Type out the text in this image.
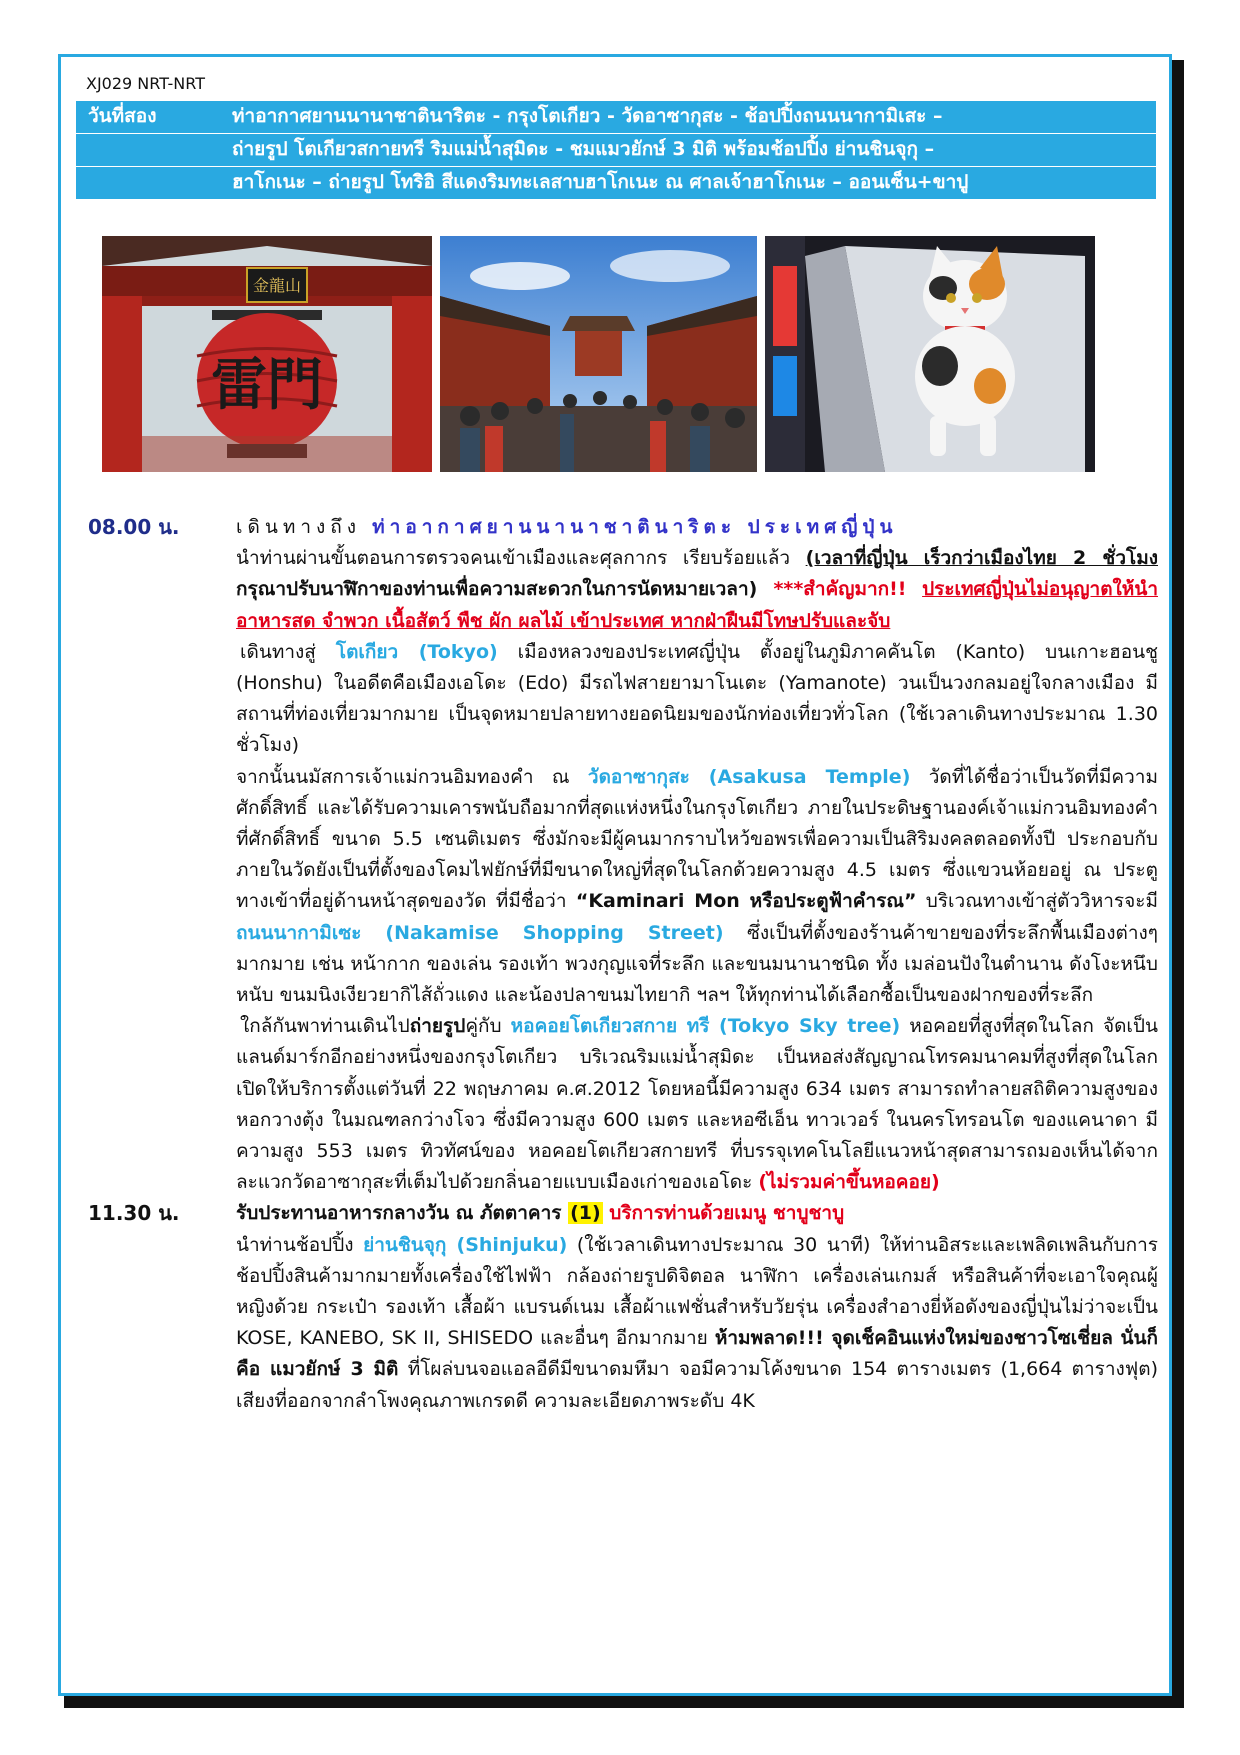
XJ029 NRT-NRT
วันที่สอง	ท่าอากาศยานนานาชาตินาริตะ - กรุงโตเกียว - วัดอาซากุสะ - ช้อปปิ้งถนนนากามิเสะ –
ถ่ายรูป โตเกียวสกายทรี ริมแม่น้ำสุมิดะ - ชมแมวยักษ์ 3 มิติ พร้อมช้อปปิ้ง ย่านชินจุกุ –
ฮาโกเนะ – ถ่ายรูป โทริอิ สีแดงริมทะเลสาบฮาโกเนะ ณ ศาลเจ้าฮาโกเนะ – ออนเซ็น+ขาปู
金龍山
雷門
08.00 น.	เดินทางถึง ท่าอากาศยานนานาชาตินาริตะ ประเทศญี่ปุ่น

นำท่านผ่านขั้นตอนการตรวจคนเข้าเมืองและศุลกากร เรียบร้อยแล้ว (เวลาที่ญี่ปุ่น เร็วกว่าเมืองไทย 2 ชั่วโมง กรุณาปรับนาฬิกาของท่านเพื่อความสะดวกในการนัดหมายเวลา) ***สำคัญมาก!! ประเทศญี่ปุ่นไม่อนุญาตให้นำอาหารสด จำพวก เนื้อสัตว์ พืช ผัก ผลไม้ เข้าประเทศ หากฝ่าฝืนมีโทษปรับและจับ

เดินทางสู่ โตเกียว (Tokyo) เมืองหลวงของประเทศญี่ปุ่น ตั้งอยู่ในภูมิภาคคันโต (Kanto) บนเกาะฮอนชู (Honshu) ในอดีตคือเมืองเอโดะ (Edo) มีรถไฟสายยามาโนเตะ (Yamanote) วนเป็นวงกลมอยู่ใจกลางเมือง มีสถานที่ท่องเที่ยวมากมาย เป็นจุดหมายปลายทางยอดนิยมของนักท่องเที่ยวทั่วโลก (ใช้เวลาเดินทางประมาณ 1.30 ชั่วโมง)

จากนั้นนมัสการเจ้าแม่กวนอิมทองคำ ณ วัดอาซากุสะ (Asakusa Temple) วัดที่ได้ชื่อว่าเป็นวัดที่มีความศักดิ์สิทธิ์ และได้รับความเคารพนับถือมากที่สุดแห่งหนึ่งในกรุงโตเกียว ภายในประดิษฐานองค์เจ้าแม่กวนอิมทองคำที่ศักดิ์สิทธิ์ ขนาด 5.5 เซนติเมตร ซึ่งมักจะมีผู้คนมากราบไหว้ขอพรเพื่อความเป็นสิริมงคลตลอดทั้งปี ประกอบกับภายในวัดยังเป็นที่ตั้งของโคมไฟยักษ์ที่มีขนาดใหญ่ที่สุดในโลกด้วยความสูง 4.5 เมตร ซึ่งแขวนห้อยอยู่ ณ ประตูทางเข้าที่อยู่ด้านหน้าสุดของวัด ที่มีชื่อว่า “Kaminari Mon หรือประตูฟ้าคำรณ” บริเวณทางเข้าสู่ตัววิหารจะมี ถนนนากามิเซะ (Nakamise Shopping Street) ซึ่งเป็นที่ตั้งของร้านค้าขายของที่ระลึกพื้นเมืองต่างๆ มากมาย เช่น หน้ากาก ของเล่น รองเท้า พวงกุญแจที่ระลึก และขนมนานาชนิด ทั้ง เมล่อนปังในตำนาน ดังโงะหนึบหนับ ขนมนิงเงียวยากิไส้ถั่วแดง และน้องปลาขนมไทยากิ ฯลฯ ให้ทุกท่านได้เลือกซื้อเป็นของฝากของที่ระลึก

ใกล้กันพาท่านเดินไปถ่ายรูปคู่กับ หอคอยโตเกียวสกาย ทรี (Tokyo Sky tree) หอคอยที่สูงที่สุดในโลก จัดเป็นแลนด์มาร์กอีกอย่างหนึ่งของกรุงโตเกียว บริเวณริมแม่น้ำสุมิดะ เป็นหอส่งสัญญาณโทรคมนาคมที่สูงที่สุดในโลก เปิดให้บริการตั้งแต่วันที่ 22 พฤษภาคม ค.ศ.2012 โดยหอนี้มีความสูง 634 เมตร สามารถทำลายสถิติความสูงของหอกวางตุ้ง ในมณฑลกว่างโจว ซึ่งมีความสูง 600 เมตร และหอซีเอ็น ทาวเวอร์ ในนครโทรอนโต ของแคนาดา มีความสูง 553 เมตร ทิวทัศน์ของ หอคอยโตเกียวสกายทรี ที่บรรจุเทคโนโลยีแนวหน้าสุดสามารถมองเห็นได้จากละแวกวัดอาซากุสะที่เต็มไปด้วยกลิ่นอายแบบเมืองเก่าของเอโดะ (ไม่รวมค่าขึ้นหอคอย)

11.30 น.	รับประทานอาหารกลางวัน ณ ภัตตาคาร (1) บริการท่านด้วยเมนู ชาบูชาบู

นำท่านช้อปปิ้ง ย่านชินจุกุ (Shinjuku) (ใช้เวลาเดินทางประมาณ 30 นาที) ให้ท่านอิสระและเพลิดเพลินกับการช้อปปิ้งสินค้ามากมายทั้งเครื่องใช้ไฟฟ้า กล้องถ่ายรูปดิจิตอล นาฬิกา เครื่องเล่นเกมส์ หรือสินค้าที่จะเอาใจคุณผู้หญิงด้วย กระเป๋า รองเท้า เสื้อผ้า แบรนด์เนม เสื้อผ้าแฟชั่นสำหรับวัยรุ่น เครื่องสำอางยี่ห้อดังของญี่ปุ่นไม่ว่าจะเป็น KOSE, KANEBO, SK II, SHISEDO และอื่นๆ อีกมากมาย ห้ามพลาด!!! จุดเช็คอินแห่งใหม่ของชาวโซเชี่ยล นั่นก็คือ แมวยักษ์ 3 มิติ ที่โผล่บนจอแอลอีดีมีขนาดมหึมา จอมีความโค้งขนาด 154 ตารางเมตร (1,664 ตารางฟุต) เสียงที่ออกจากลำโพงคุณภาพเกรดดี ความละเอียดภาพระดับ 4K
